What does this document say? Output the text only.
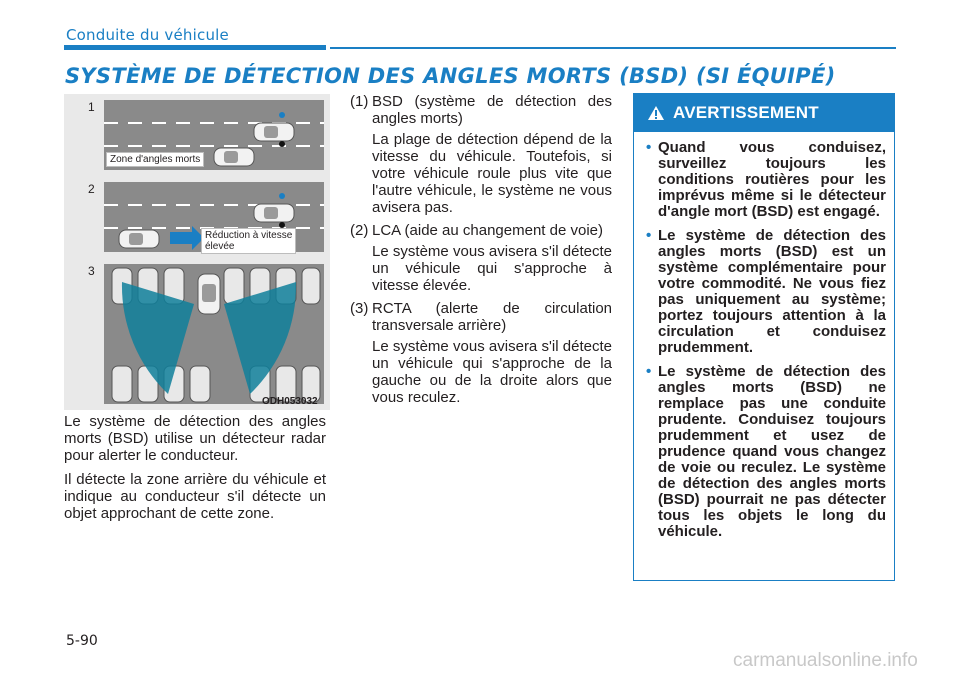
Conduite du véhicule
SYSTÈME DE DÉTECTION DES ANGLES MORTS (BSD) (SI ÉQUIPÉ)
1
2
3
Zone d'angles morts
Réduction à vitesse
élevée
ODH053032

Le système de détection des angles morts (BSD) utilise un détecteur radar pour alerter le conducteur.

Il détecte la zone arrière du véhicule et indique au conducteur s'il détecte un objet approchant de cette zone.

(1) BSD (système de détection des angles morts)
La plage de détection dépend de la vitesse du véhicule. Toutefois, si votre véhicule roule plus vite que l'autre véhicule, le système ne vous avisera pas.
(2) LCA (aide au changement de voie)
Le système vous avisera s'il détecte un véhicule qui s'approche à vitesse élevée.
(3) RCTA (alerte de circulation transversale arrière)
Le système vous avisera s'il détecte un véhicule qui s'approche de la gauche ou de la droite alors que vous reculez.
AVERTISSEMENT
• Quand vous conduisez, surveillez toujours les conditions routières pour les imprévus même si le détecteur d'angle mort (BSD) est engagé.
• Le système de détection des angles morts (BSD) est un système complémentaire pour votre commodité. Ne vous fiez pas uniquement au système; portez toujours attention à la circulation et conduisez prudemment.
• Le système de détection des angles morts (BSD) ne remplace pas une conduite prudente. Conduisez toujours prudemment et usez de prudence quand vous changez de voie ou reculez. Le système de détection des angles morts (BSD) pourrait ne pas détecter tous les objets le long du véhicule.
5-90
carmanualsonline.info
